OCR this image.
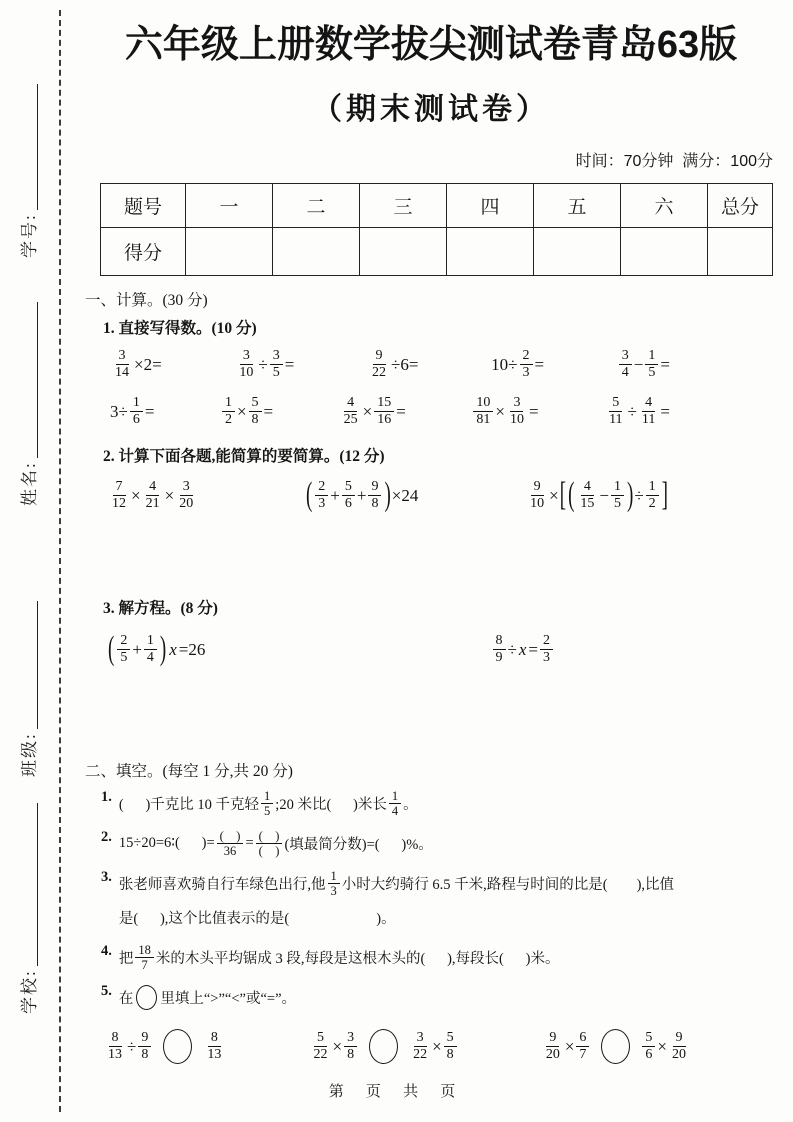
学号:
姓名:
班级:
学校:
六年级上册数学拔尖测试卷青岛63版
（期末测试卷）
时间：70分钟  满分：100分
题号	一	二	三	四	五	六	总分
得分							
一、计算。(30 分)
1. 直接写得数。(10 分)
$\frac{3}{14} \times 2=$	$\frac{3}{10} \div \frac{3}{5}$ =	$\frac{9}{22} \div 6=$	$10\div \frac{2}{3}$ =	$\frac{3}{4} - \frac{1}{5}$ =
$3\div \frac{1}{6}$ =	$\frac{1}{2} \times \frac{5}{8}$ =	$\frac{4}{25} \times \frac{15}{16}$ =	$\frac{10}{81} \times \frac{3}{10}$ =	$\frac{5}{11} \div \frac{4}{11}$ =
2. 计算下面各题,能简算的要简算。(12 分)
$\frac{7}{12} \times \frac{4}{21} \times \frac{3}{20}$	( $\frac{2}{3} + \frac{5}{6} + \frac{9}{8}$ ) ×24	$\frac{9}{10}$ × [ ( $\frac{4}{15} - \frac{1}{5}$ ) ÷ $\frac{1}{2}$ ]
3. 解方程。(8 分)
( $\frac{2}{5} + \frac{1}{4}$ ) x =26	$\frac{8}{9} \div x = \frac{2}{3}$
二、填空。(每空 1 分,共 20 分)
1.
(      )千克比 10 千克轻 $\frac{1}{5}$ ;20 米比(      )米长 $\frac{1}{4}$ 。
2. 15÷20=6∶(      )= (    )
36 = (    )
(    ) (填最简分数)=(      )%。
3.
张老师喜欢骑自行车绿色出行,他 $\frac{1}{3}$ 小时大约骑行 6.5 千米,路程与时间的比是(        ),比值
是(      ),这个比值表示的是(                        )。
4.
把 $\frac{18}{7}$ 米的木头平均锯成 3 段,每段是这根木头的(      ),每段长(      )米。
5.
在 里填上“>”“<”或“=”。
$\frac{8}{13} \div \frac{9}{8}$	$\frac{8}{13}$	$\frac{5}{22} \times \frac{3}{8}$	$\frac{3}{22} \times \frac{5}{8}$	$\frac{9}{20} \times \frac{6}{7}$	$\frac{5}{6} \times \frac{9}{20}$
第 页 共 页
